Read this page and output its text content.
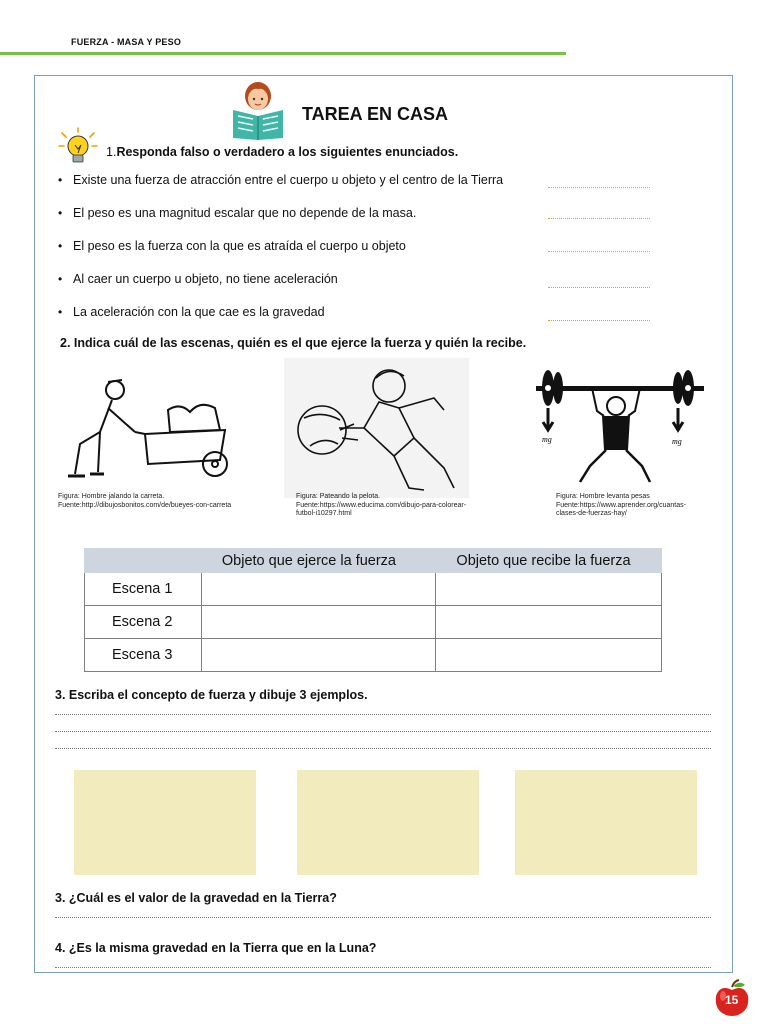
FUERZA - MASA Y PESO
TAREA EN CASA
1.Responda falso o verdadero a los siguientes enunciados.
• Existe una fuerza de atracción entre el cuerpo u objeto y el centro de la Tierra
• El peso es una magnitud escalar que no depende de la masa.
• El peso es la fuerza con la que es atraída el cuerpo u objeto
• Al caer un cuerpo u objeto, no tiene aceleración
• La aceleración con la que cae es la gravedad
2. Indica cuál de las escenas, quién es el que ejerce la fuerza y quién la recibe.
Figura: Hombre jalando la carreta.
Fuente:http://dibujosbonitos.com/de/bueyes-con-carreta
Figura: Pateando la pelota.
Fuente:https://www.educima.com/dibujo-para-colorear-futbol-i10297.html
mg	mg
Figura: Hombre levanta pesas
Fuente:https://www.aprender.org/cuantas-clases-de-fuerzas-hay/
	Objeto que ejerce la fuerza	Objeto que recibe la fuerza
Escena 1		
Escena 2		
Escena 3		
3. Escriba el concepto de fuerza y dibuje 3 ejemplos.
3. ¿Cuál es el valor de la gravedad en la Tierra?
4. ¿Es la misma gravedad en la Tierra que en la Luna?
15
